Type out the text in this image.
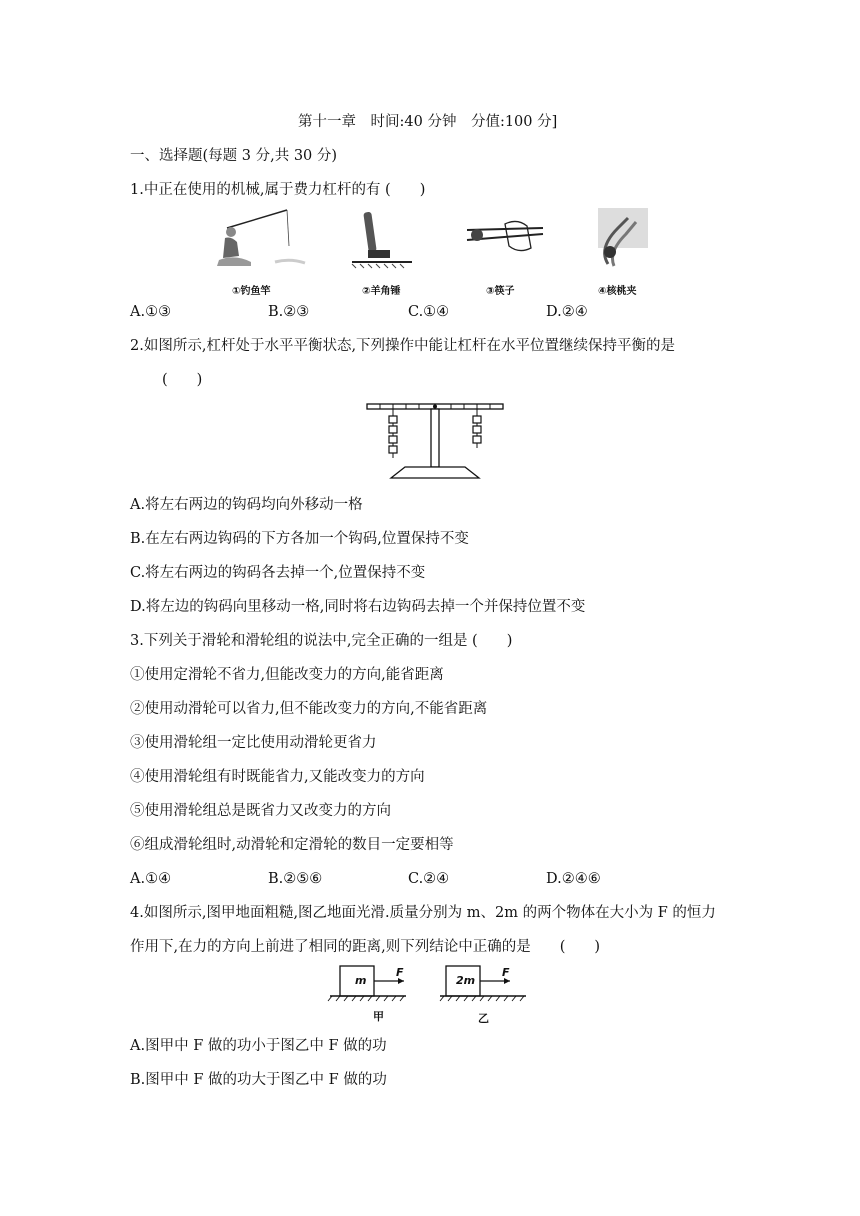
第十一章　时间:40 分钟　分值:100 分]
一、选择题(每题 3 分,共 30 分)
1.中正在使用的机械,属于费力杠杆的有 (　　)
①钓鱼竿	②羊角锤	③筷子	④核桃夹
A.①③	B.②③	C.①④	D.②④
2.如图所示,杠杆处于水平平衡状态,下列操作中能让杠杆在水平位置继续保持平衡的是
(　　)
A.将左右两边的钩码均向外移动一格
B.在左右两边钩码的下方各加一个钩码,位置保持不变
C.将左右两边的钩码各去掉一个,位置保持不变
D.将左边的钩码向里移动一格,同时将右边钩码去掉一个并保持位置不变
3.下列关于滑轮和滑轮组的说法中,完全正确的一组是 (　　)
①使用定滑轮不省力,但能改变力的方向,能省距离
②使用动滑轮可以省力,但不能改变力的方向,不能省距离
③使用滑轮组一定比使用动滑轮更省力
④使用滑轮组有时既能省力,又能改变力的方向
⑤使用滑轮组总是既省力又改变力的方向
⑥组成滑轮组时,动滑轮和定滑轮的数目一定要相等
A.①④	B.②⑤⑥	C.②④	D.②④⑥
4.如图所示,图甲地面粗糙,图乙地面光滑.质量分别为 m、2m 的两个物体在大小为 F 的恒力
作用下,在力的方向上前进了相同的距离,则下列结论中正确的是　　(　　)
m
F
2m
F
甲	乙
A.图甲中 F 做的功小于图乙中 F 做的功
B.图甲中 F 做的功大于图乙中 F 做的功
